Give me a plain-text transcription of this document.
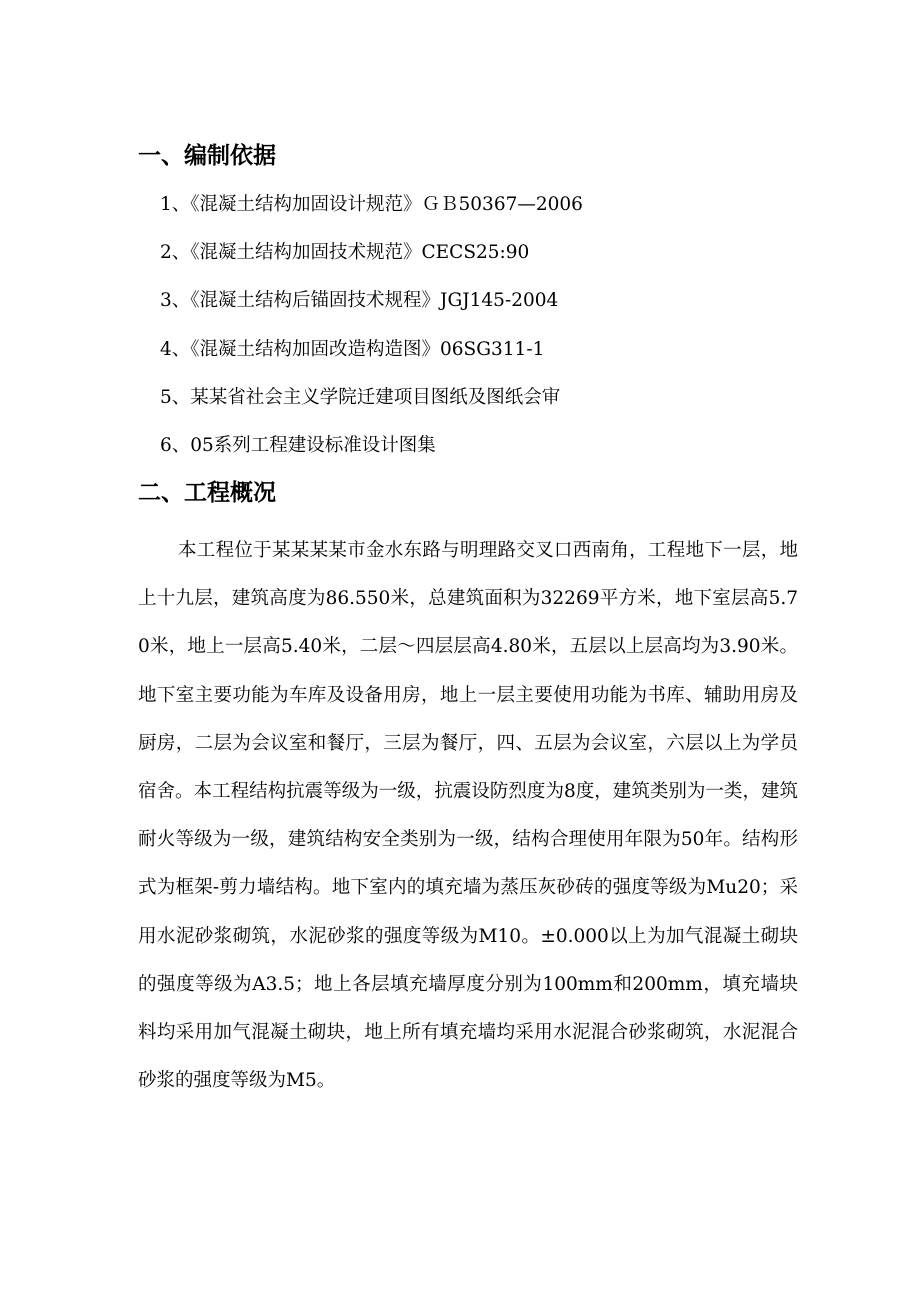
一、编制依据
1、《混凝土结构加固设计规范》ＧＢ50367—2006
2、《混凝土结构加固技术规范》CECS25:90
3、《混凝土结构后锚固技术规程》JGJ145-2004
4、《混凝土结构加固改造构造图》06SG311-1
5、某某省社会主义学院迁建项目图纸及图纸会审
6、05系列工程建设标准设计图集
二、工程概况

本工程位于某某某某市金水东路与明理路交叉口西南角，工程地下一层，地上十九层，建筑高度为86.550米，总建筑面积为32269平方米，地下室层高5.70米，地上一层高5.40米，二层～四层层高4.80米，五层以上层高均为3.90米。地下室主要功能为车库及设备用房，地上一层主要使用功能为书库、辅助用房及厨房，二层为会议室和餐厅，三层为餐厅，四、五层为会议室，六层以上为学员宿舍。本工程结构抗震等级为一级，抗震设防烈度为8度，建筑类别为一类，建筑耐火等级为一级，建筑结构安全类别为一级，结构合理使用年限为50年。结构形式为框架-剪力墙结构。地下室内的填充墙为蒸压灰砂砖的强度等级为Mu20；采用水泥砂浆砌筑，水泥砂浆的强度等级为M10。±0.000以上为加气混凝土砌块的强度等级为A3.5；地上各层填充墙厚度分别为100mm和200mm，填充墙块料均采用加气混凝土砌块，地上所有填充墙均采用水泥混合砂浆砌筑，水泥混合砂浆的强度等级为M5。
